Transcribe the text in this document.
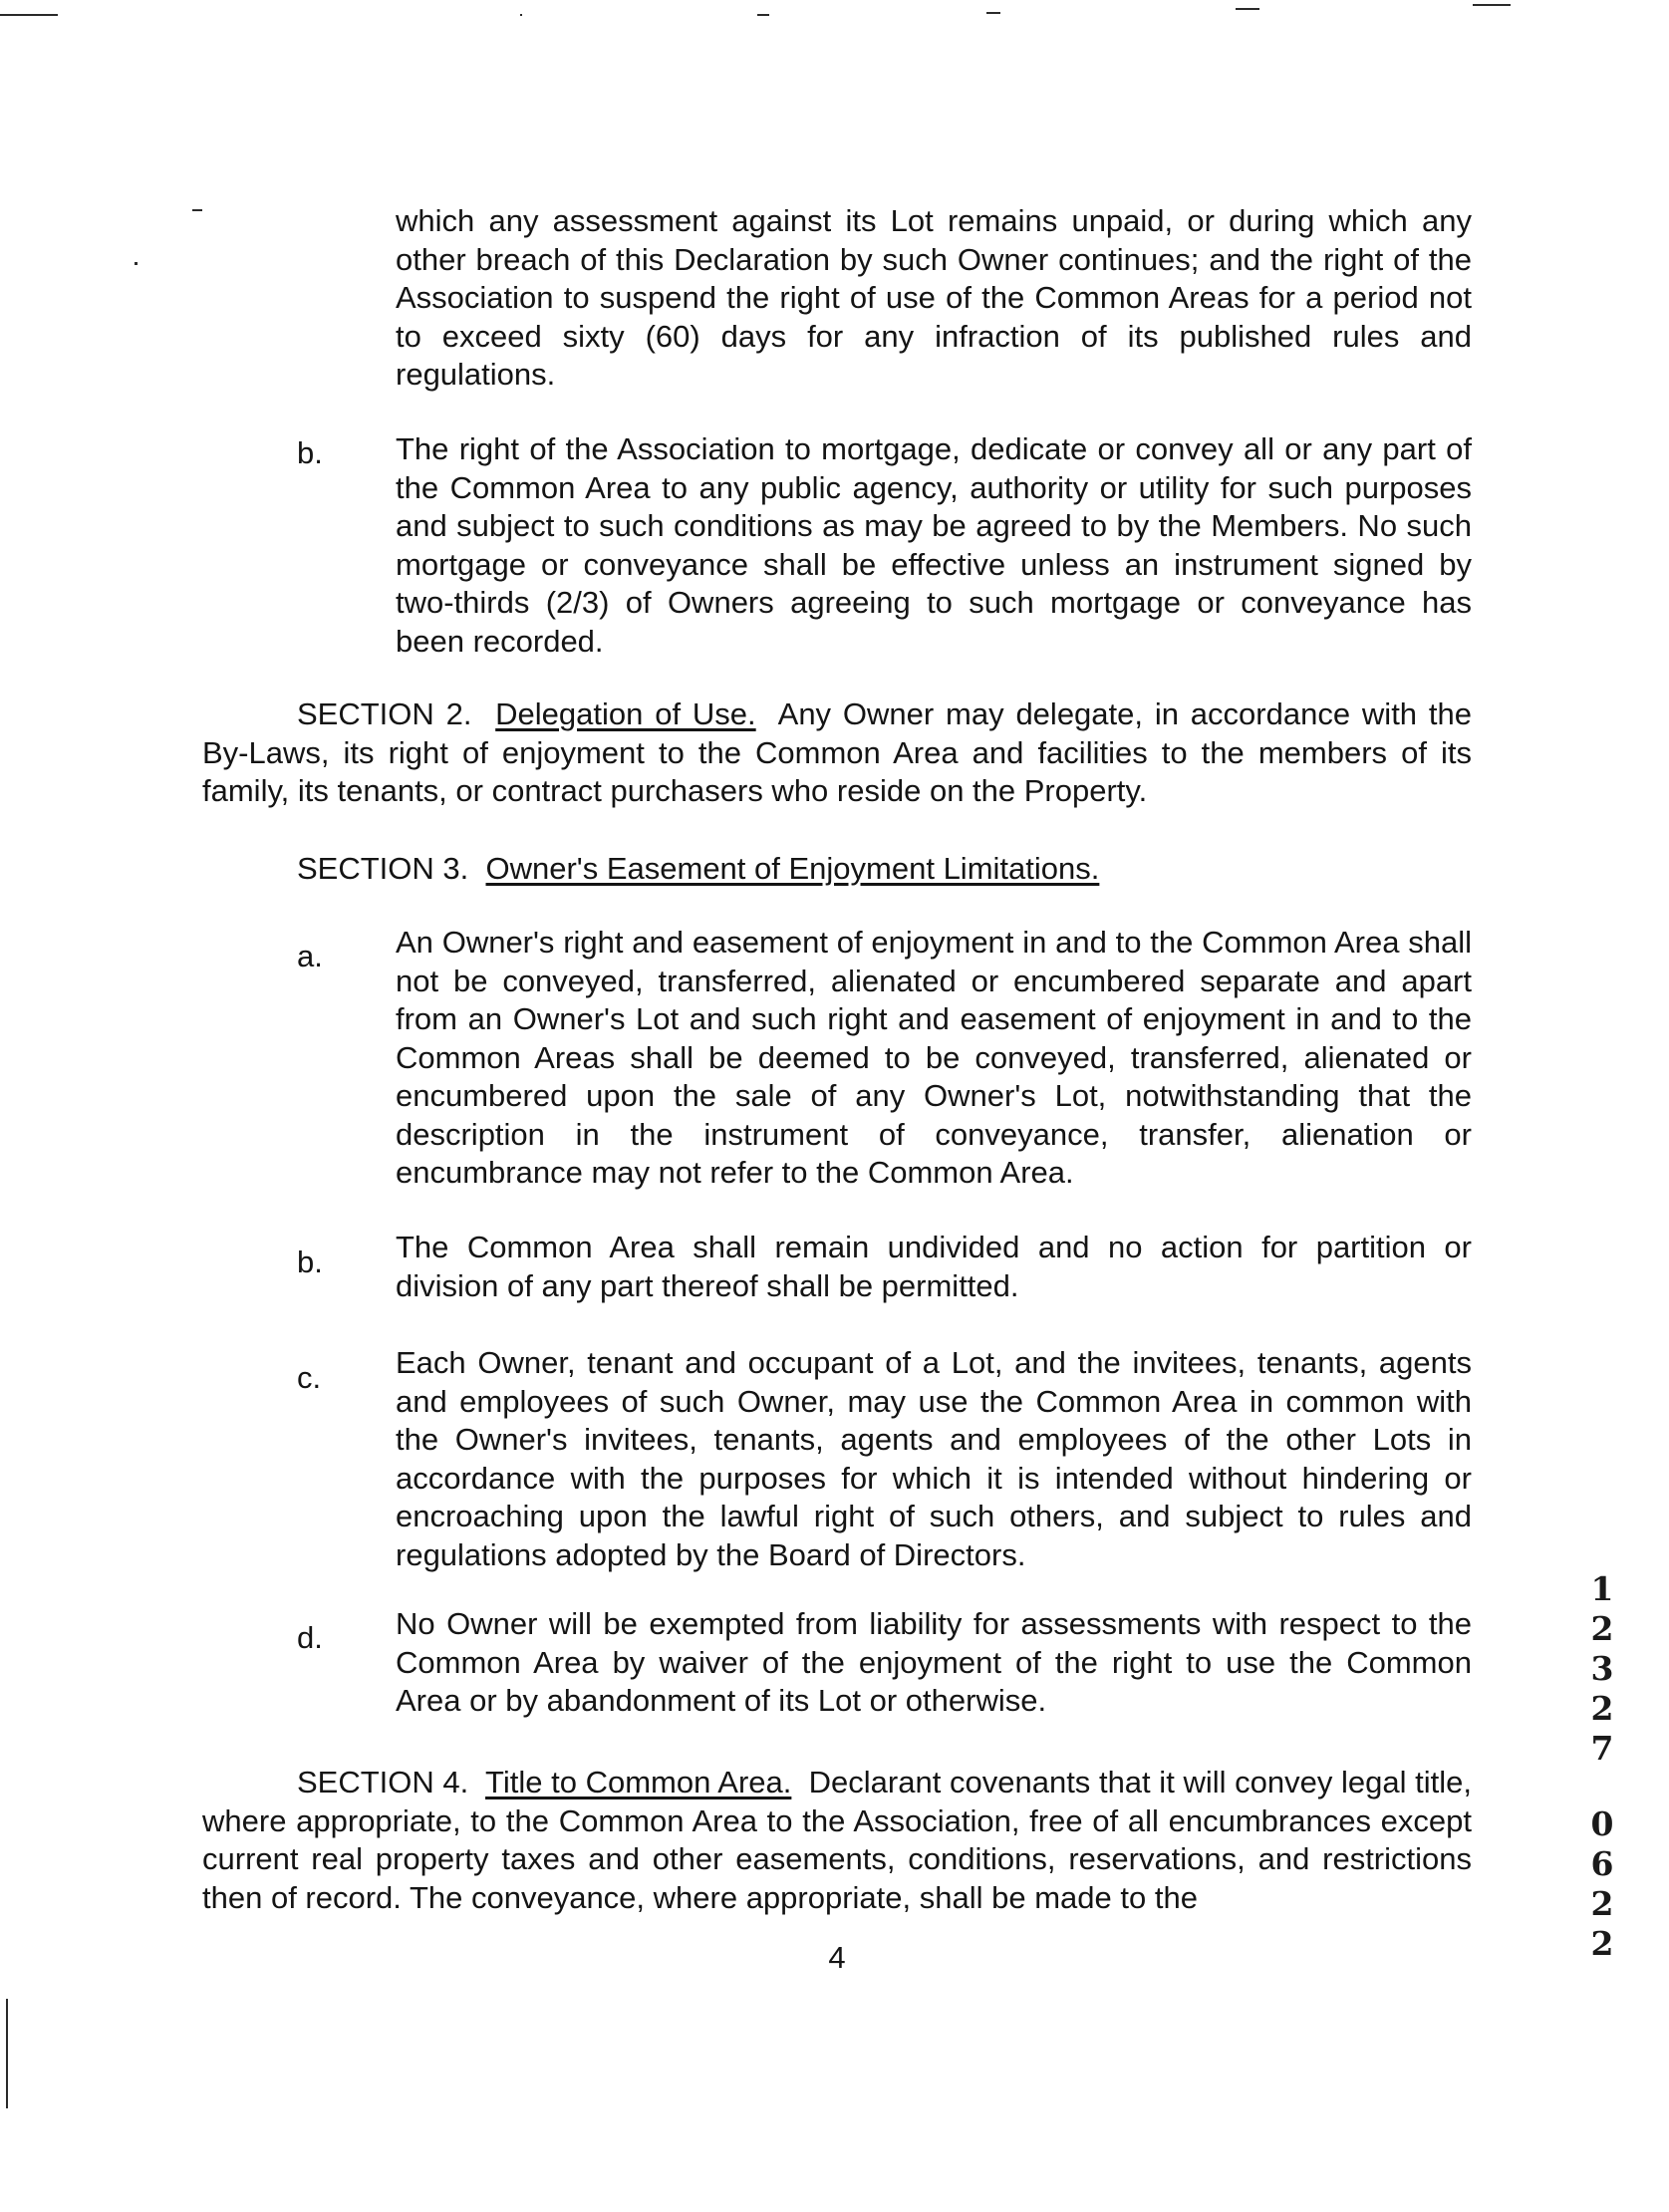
which any assessment against its Lot remains unpaid, or during which any other breach of this Declaration by such Owner continues; and the right of the Association to suspend the right of use of the Common Areas for a period not to exceed sixty (60) days for any infraction of its published rules and regulations.

b. The right of the Association to mortgage, dedicate or convey all or any part of the Common Area to any public agency, authority or utility for such purposes and subject to such conditions as may be agreed to by the Members. No such mortgage or conveyance shall be effective unless an instrument signed by two-thirds (2/3) of Owners agreeing to such mortgage or conveyance has been recorded.

SECTION 2. Delegation of Use. Any Owner may delegate, in accordance with the By-Laws, its right of enjoyment to the Common Area and facilities to the members of its family, its tenants, or contract purchasers who reside on the Property.

SECTION 3. Owner's Easement of Enjoyment Limitations.
a. An Owner's right and easement of enjoyment in and to the Common Area shall not be conveyed, transferred, alienated or encumbered separate and apart from an Owner's Lot and such right and easement of enjoyment in and to the Common Areas shall be deemed to be conveyed, transferred, alienated or encumbered upon the sale of any Owner's Lot, notwithstanding that the description in the instrument of conveyance, transfer, alienation or encumbrance may not refer to the Common Area.

b. The Common Area shall remain undivided and no action for partition or division of any part thereof shall be permitted.

c. Each Owner, tenant and occupant of a Lot, and the invitees, tenants, agents and employees of such Owner, may use the Common Area in common with the Owner's invitees, tenants, agents and employees of the other Lots in accordance with the purposes for which it is intended without hindering or encroaching upon the lawful right of such others, and subject to rules and regulations adopted by the Board of Directors.

d. No Owner will be exempted from liability for assessments with respect to the Common Area by waiver of the enjoyment of the right to use the Common Area or by abandonment of its Lot or otherwise.

SECTION 4. Title to Common Area. Declarant covenants that it will convey legal title, where appropriate, to the Common Area to the Association, free of all encumbrances except current real property taxes and other easements, conditions, reservations, and restrictions then of record. The conveyance, where appropriate, shall be made to the

1
2
3
2
7
0
6
2
2
4
